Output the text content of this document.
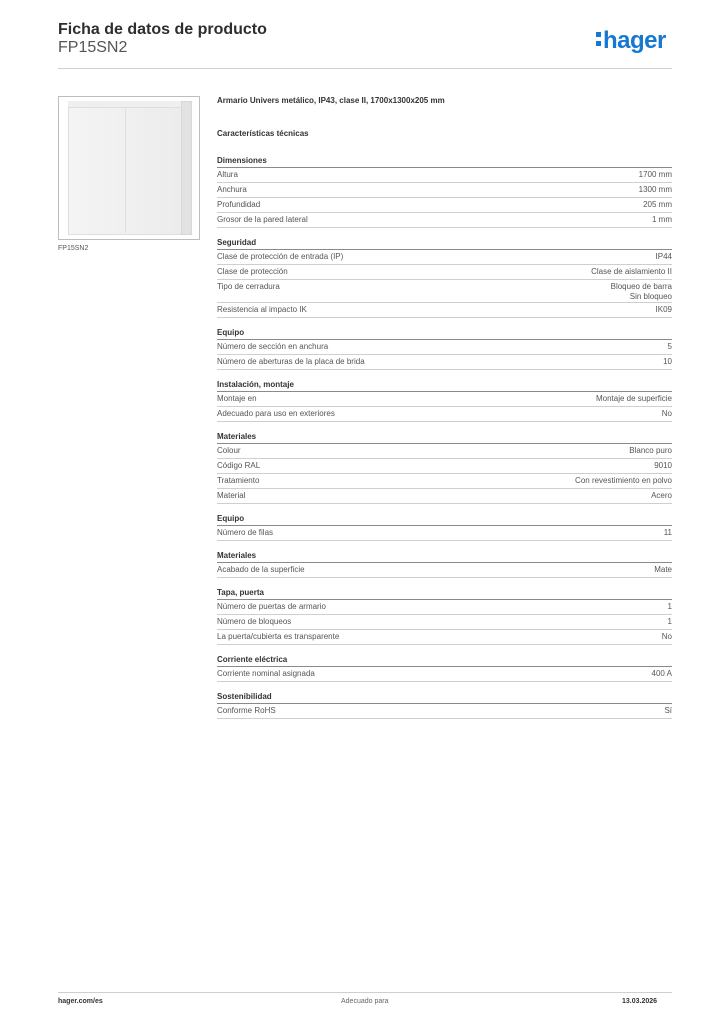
Ficha de datos de producto
FP15SN2	hager
FP15SN2
Armario Univers metálico, IP43, clase II, 1700x1300x205 mm
Características técnicas
Dimensiones
Altura	1700 mm
Anchura	1300 mm
Profundidad	205 mm
Grosor de la pared lateral	1 mm
Seguridad
Clase de protección de entrada (IP)	IP44
Clase de protección	Clase de aislamiento II
Tipo de cerradura	Bloqueo de barra
Sin bloqueo
Resistencia al impacto IK	IK09
Equipo
Número de sección en anchura	5
Número de aberturas de la placa de brida	10
Instalación, montaje
Montaje en	Montaje de superficie
Adecuado para uso en exteriores	No
Materiales
Colour	Blanco puro
Código RAL	9010
Tratamiento	Con revestimiento en polvo
Material	Acero
Equipo
Número de filas	11
Materiales
Acabado de la superficie	Mate
Tapa, puerta
Número de puertas de armario	1
Número de bloqueos	1
La puerta/cubierta es transparente	No
Corriente eléctrica
Corriente nominal asignada	400 A
Sostenibilidad
Conforme RoHS	Sí
hager.com/es	Adecuado para	13.03.2026
